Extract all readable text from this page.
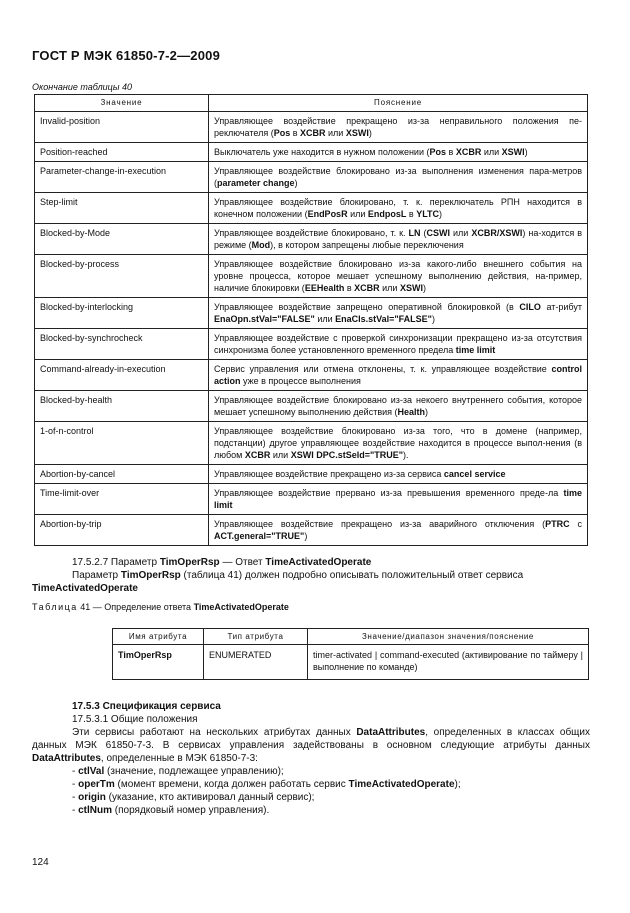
ГОСТ Р МЭК 61850-7-2—2009
Окончание таблицы 40
Значение	Пояснение
Invalid-position	Управляющее воздействие прекращено из-за неправильного положения пе-реключателя (Pos в XCBR или XSWI)
Position-reached	Выключатель уже находится в нужном положении (Pos в XCBR или XSWI)
Parameter-change-in-execution	Управляющее воздействие блокировано из-за выполнения изменения пара-метров (parameter change)
Step-limit	Управляющее воздействие блокировано, т. к. переключатель РПН находится в конечном положении (EndPosR или EndposL в YLTC)
Blocked-by-Mode	Управляющее воздействие блокировано, т. к. LN (CSWI или XCBR/XSWI) на-ходится в режиме (Mod), в котором запрещены любые переключения
Blocked-by-process	Управляющее воздействие блокировано из-за какого-либо внешнего события на уровне процесса, которое мешает успешному выполнению действия, на-пример, наличие блокировки (EEHealth в XCBR или XSWI)
Blocked-by-interlocking	Управляющее воздействие запрещено оперативной блокировкой (в CILO ат-рибут EnaOpn.stVal="FALSE" или EnaCls.stVal="FALSE")
Blocked-by-synchrocheck	Управляющее воздействие с проверкой синхронизации прекращено из-за отсутствия синхронизма более установленного временного предела time limit
Command-already-in-execution	Сервис управления или отмена отклонены, т. к. управляющее воздействие control action уже в процессе выполнения
Blocked-by-health	Управляющее воздействие блокировано из-за некоего внутреннего события, которое мешает успешному выполнению действия (Health)
1-of-n-control	Управляющее воздействие блокировано из-за того, что в домене (например, подстанции) другое управляющее воздействие находится в процессе выпол-нения (в любом XCBR или XSWI DPC.stSeld="TRUE").
Abortion-by-cancel	Управляющее воздействие прекращено из-за сервиса cancel service
Time-limit-over	Управляющее воздействие прервано из-за превышения временного преде-ла time limit
Abortion-by-trip	Управляющее воздействие прекращено из-за аварийного отключения (PTRC с ACT.general="TRUE")
17.5.2.7 Параметр TimOperRsp — Ответ TimeActivatedOperate
Параметр TimOperRsp (таблица 41) должен подробно описывать положительный ответ сервиса TimeActivatedOperate
Таблица 41 — Определение ответа TimeActivatedOperate
Имя атрибута	Тип атрибута	Значение/диапазон значения/пояснение
TimOperRsp	ENUMERATED	timer-activated | command-executed (активирование по таймеру | выполнение по команде)
17.5.3 Спецификация сервиса
17.5.3.1 Общие положения
Эти сервисы работают на нескольких атрибутах данных DataAttributes, определенных в классах общих данных МЭК 61850-7-3. В сервисах управления задействованы в основном следующие атрибуты данных DataAttributes, определенные в МЭК 61850-7-3:
- ctlVal (значение, подлежащее управлению);
- operTm (момент времени, когда должен работать сервис TimeActivatedOperate);
- origin (указание, кто активировал данный сервис);
- ctlNum (порядковый номер управления).
124
